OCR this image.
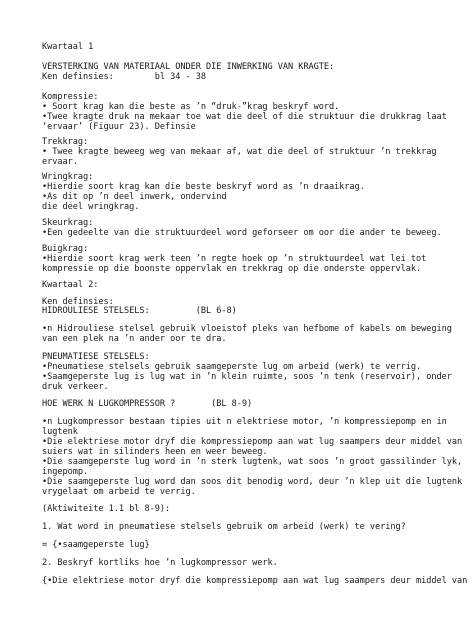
Kwartaal 1
VERSTERKING VAN MATERIAAL ONDER DIE INWERKING VAN KRAGTE:
Ken definsies:        bl 34 - 38
Kompressie:
• Soort krag kan die beste as ’n “druk-”krag beskryf word.
•Twee kragte druk na mekaar toe wat die deel of die struktuur die drukkrag laat
‘ervaar’ (Figuur 23). Definsie
Trekkrag:
• Twee kragte beweeg weg van mekaar af, wat die deel of struktuur ’n trekkrag
ervaar.
Wringkrag:
•Hierdie soort krag kan die beste beskryf word as ’n draaikrag.
•As dit op ’n deel inwerk, ondervind
die deel wringkrag.
Skeurkrag:
•Een gedeelte van die struktuurdeel word geforseer om oor die ander te beweeg.
Buigkrag:
•Hierdie soort krag werk teen ’n regte hoek op ’n struktuurdeel wat lei tot
kompressie op die boonste oppervlak en trekkrag op die onderste oppervlak.
Kwartaal 2:
Ken definsies:
HIDROULIESE STELSELS:         (BL 6-8)
•n Hidrouliese stelsel gebruik vloeistof pleks van hefbome of kabels om beweging
van een plek na ’n ander oor te dra.
PNEUMATIESE STELSELS:
•Pneumatiese stelsels gebruik saamgeperste lug om arbeid (werk) te verrig.
•Saamgeperste lug is lug wat in ’n klein ruimte, soos ’n tenk (reservoir), onder
druk verkeer.
HOE WERK N LUGKOMPRESSOR ?       (BL 8-9)
•n Lugkompressor bestaan tipies uit n elektriese motor, ’n kompressiepomp en in
lugtenk
•Die elektriese motor dryf die kompressiepomp aan wat lug saampers deur middel van
suiers wat in silinders heen en weer beweeg.
•Die saamgeperste lug word in ’n sterk lugtenk, wat soos ’n groot gassilinder lyk,
ingepomp.
•Die saamgeperste lug word dan soos dit benodig word, deur ’n klep uit die lugtenk
vrygelaat om arbeid te verrig.
(Aktiwiteite 1.1 bl 8-9):
1. Wat word in pneumatiese stelsels gebruik om arbeid (werk) te vering?
= {•saamgeperste lug}
2. Beskryf kortliks hoe ’n lugkompressor werk.
{•Die elektriese motor dryf die kompressiepomp aan wat lug saampers deur middel van
